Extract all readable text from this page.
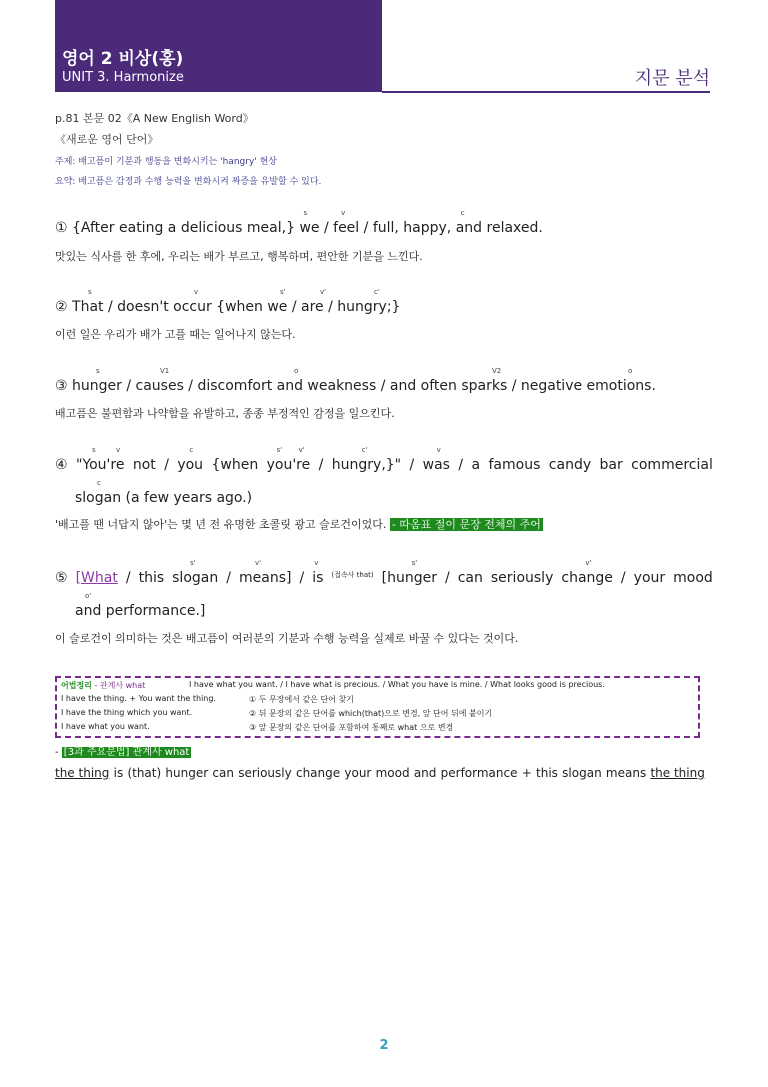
영어 2 비상(홍)
UNIT 3. Harmonize	지문 분석
p.81 본문 02《A New English Word》
《새로운 영어 단어》
주제: 배고픔이 기분과 행동을 변화시키는 'hangry' 현상
요약: 배고픔은 감정과 수행 능력을 변화시켜 짜증을 유발할 수 있다.
① {After eating a delicious meal,}
s
we /
v
feel / full, happy,
c
and relaxed.
맛있는 식사를 한 후에, 우리는 배가 부르고, 행복하며, 편안한 기분을 느낀다.
②
s	v	s'	v'	c'
That / doesn't occur {when we / are / hungry;}
이런 일은 우리가 배가 고플 때는 일어나지 않는다.
③
s	V1	o	V2	o
hunger / causes / discomfort and weakness / and often sparks / negative emotions.
배고픔은 불편함과 나약함을 유발하고, 종종 부정적인 감정을 일으킨다.
④
s	v
"You're not /
c
you {when
s' v'
you're /
c'
hungry,}" /
v
was / a famous candy bar commercial
c
slogan (a few years ago.)
'배고플 땐 너답지 않아'는 몇 년 전 유명한 초콜릿 광고 슬로건이었다. - 따옴표 절이 문장 전체의 주어
⑤ [What / this
s'
slogan /
v'
means] /
v
is (접속사 that)
s'
[hunger / can seriously
v'
change / your mood
o'
and performance.]
이 슬로건이 의미하는 것은 배고픔이 여러분의 기분과 수행 능력을 실제로 바꿀 수 있다는 것이다.
어법정리 - 관계사 what	I have what you want. / I have what is precious. / What you have is mine. / What looks good is precious.
I have the thing. + You want the thing.	① 두 무장에서 같은 단어 찾기
I have the thing which you want.	② 뒤 문장의 같은 단어를 which(that)으로 변경, 앞 단어 뒤에 붙이기
I have what you want.	③ 앞 문장의 같은 단어를 포함하여 통째로 what 으로 변경
- [3과 주요문법] 관계사 what
the thing is (that) hunger can seriously change your mood and performance + this slogan means the thing
2
